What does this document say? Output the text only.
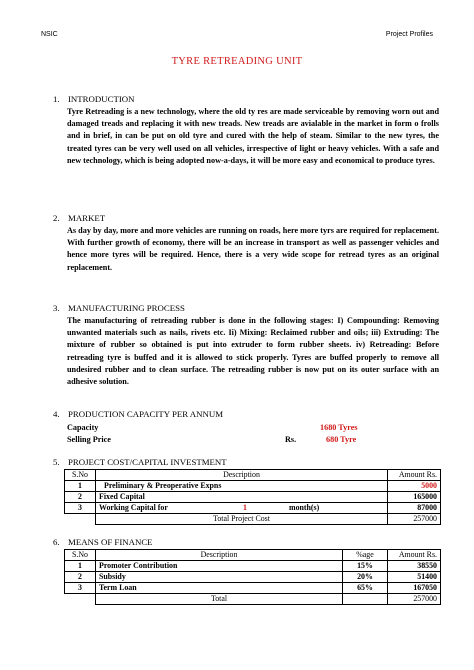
NSIC	Project Profiles
TYRE RETREADING UNIT
1. INTRODUCTION
Tyre Retreading is a new technology, where the old ty res are made serviceable by removing worn out and damaged treads and replacing it with new treads. New treads are avialable in the market in form o frolls and in brief, in can be put on old tyre and cured with the help of steam. Similar to the new tyres, the treated tyres can be very well used on all vehicles, irrespective of light or heavy vehicles. With a safe and new technology, which is being adopted now-a-days, it will be more easy and economical to produce tyres.
2. MARKET
As day by day, more and more vehicles are running on roads, here more tyrs are required for replacement. With further growth of economy, there will be an increase in transport as well as passenger vehicles and hence more tyres will be required. Hence, there is a very wide scope for retread tyres as an original replacement.
3. MANUFACTURING PROCESS
The manufacturing of retreading rubber is done in the following stages: I) Compounding: Removing unwanted materials such as nails, rivets etc. Ii) Mixing: Reclaimed rubber and oils; iii) Extruding: The mixture of rubber so obtained is put into extruder to form rubber sheets. iv) Retreading: Before retreading tyre is buffed and it is allowed to stick properly. Tyres are buffed properly to remove all undesired rubber and to clean surface. The retreading rubber is now put on its outer surface with an adhesive solution.
4. PRODUCTION CAPACITY PER ANNUM
Capacity	1680 Tyres
Selling Price	Rs.	680 Tyre
5. PROJECT COST/CAPITAL INVESTMENT
S.No	Description			Amount Rs.
1	Preliminary & Preoperative Expns			5000
2	Fixed Capital			165000
3	Working Capital for	1	month(s)	87000
	Total Project Cost			257000
6. MEANS OF FINANCE
S.No	Description	%age	Amount Rs.
1	Promoter Contribution	15%	38550
2	Subsidy	20%	51400
3	Term Loan	65%	167050
	Total		257000
